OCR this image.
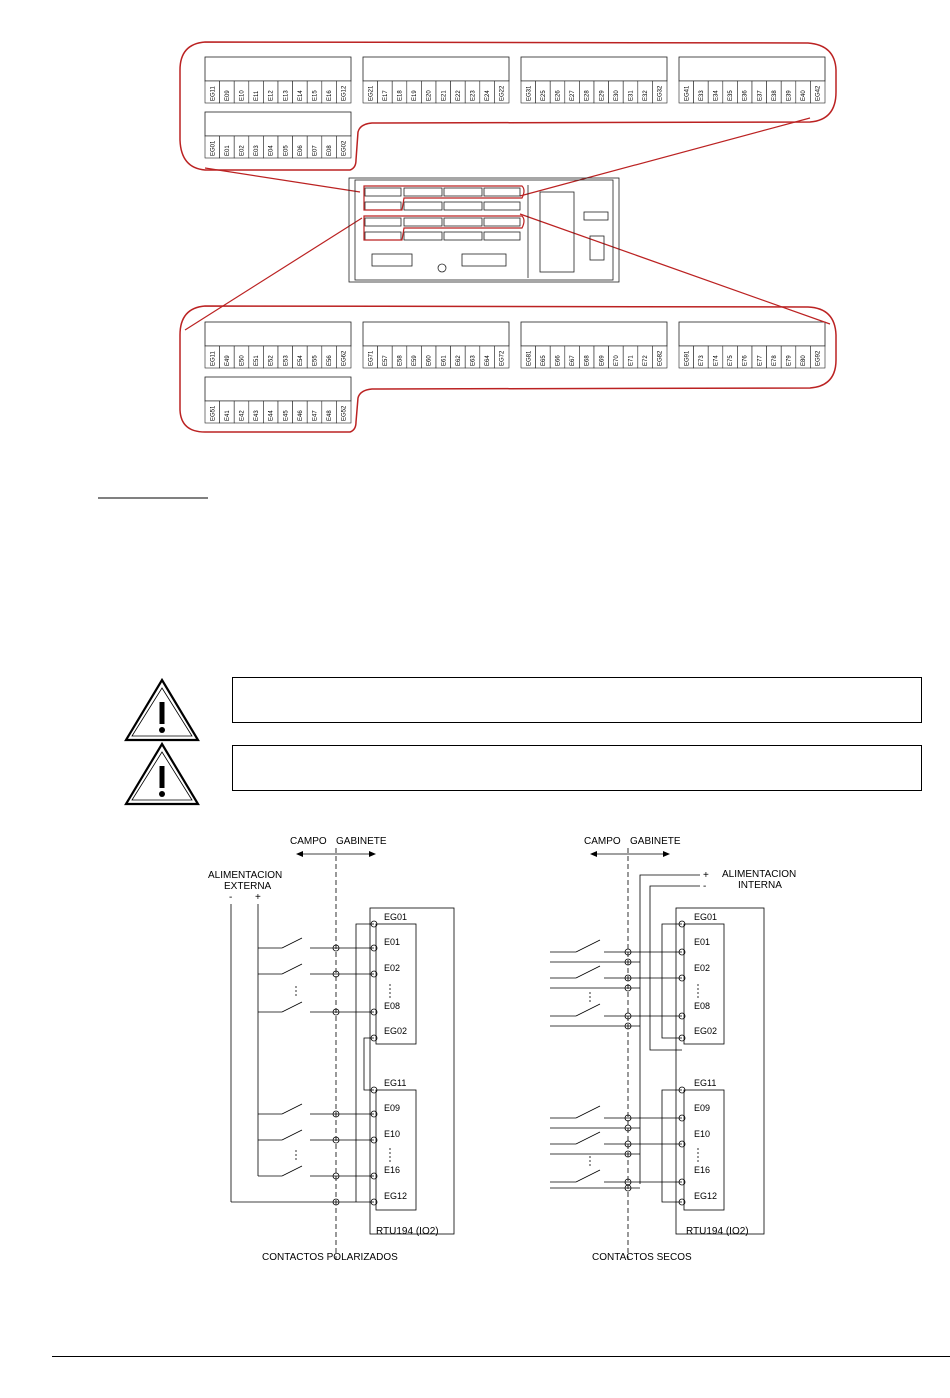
EG11 E09 E10 E11 E12 E13 E14 E15 E16 EG12	EG21 E17 E18 E19 E20 E21 E22 E23 E24 EG22	EG31 E25 E26 E27 E28 E29 E30 E31 E32 EG32	EG41 E33 E34 E35 E36 E37 E38 E39 E40 EG42
EG01 E01 E02 E03 E04 E05 E06 E07 E08 EG02
EG11 E49 E50 E51 E52 E53 E54 E55 E56 EG62	EG71 E57 E58 E59 E60 E61 E62 E63 E64 EG72	EG81 E65 E66 E67 E68 E69 E70 E71 E72 EG82	EG91 E73 E74 E75 E76 E77 E78 E79 E80 EG92
EG51 E41 E42 E43 E44 E45 E46 E47 E48 EG52
CAMPO GABINETE
ALIMENTACION
EXTERNA
- +
EG01
E01
E02
E08
EG02
EG11
E09
E10
E16
EG12
RTU194 (IO2)
CONTACTOS POLARIZADOS
CAMPO GABINETE
+
-
ALIMENTACION
INTERNA
EG01
E01
E02
E08
EG02
EG11
E09
E10
E16
EG12
RTU194 (IO2)
CONTACTOS SECOS
